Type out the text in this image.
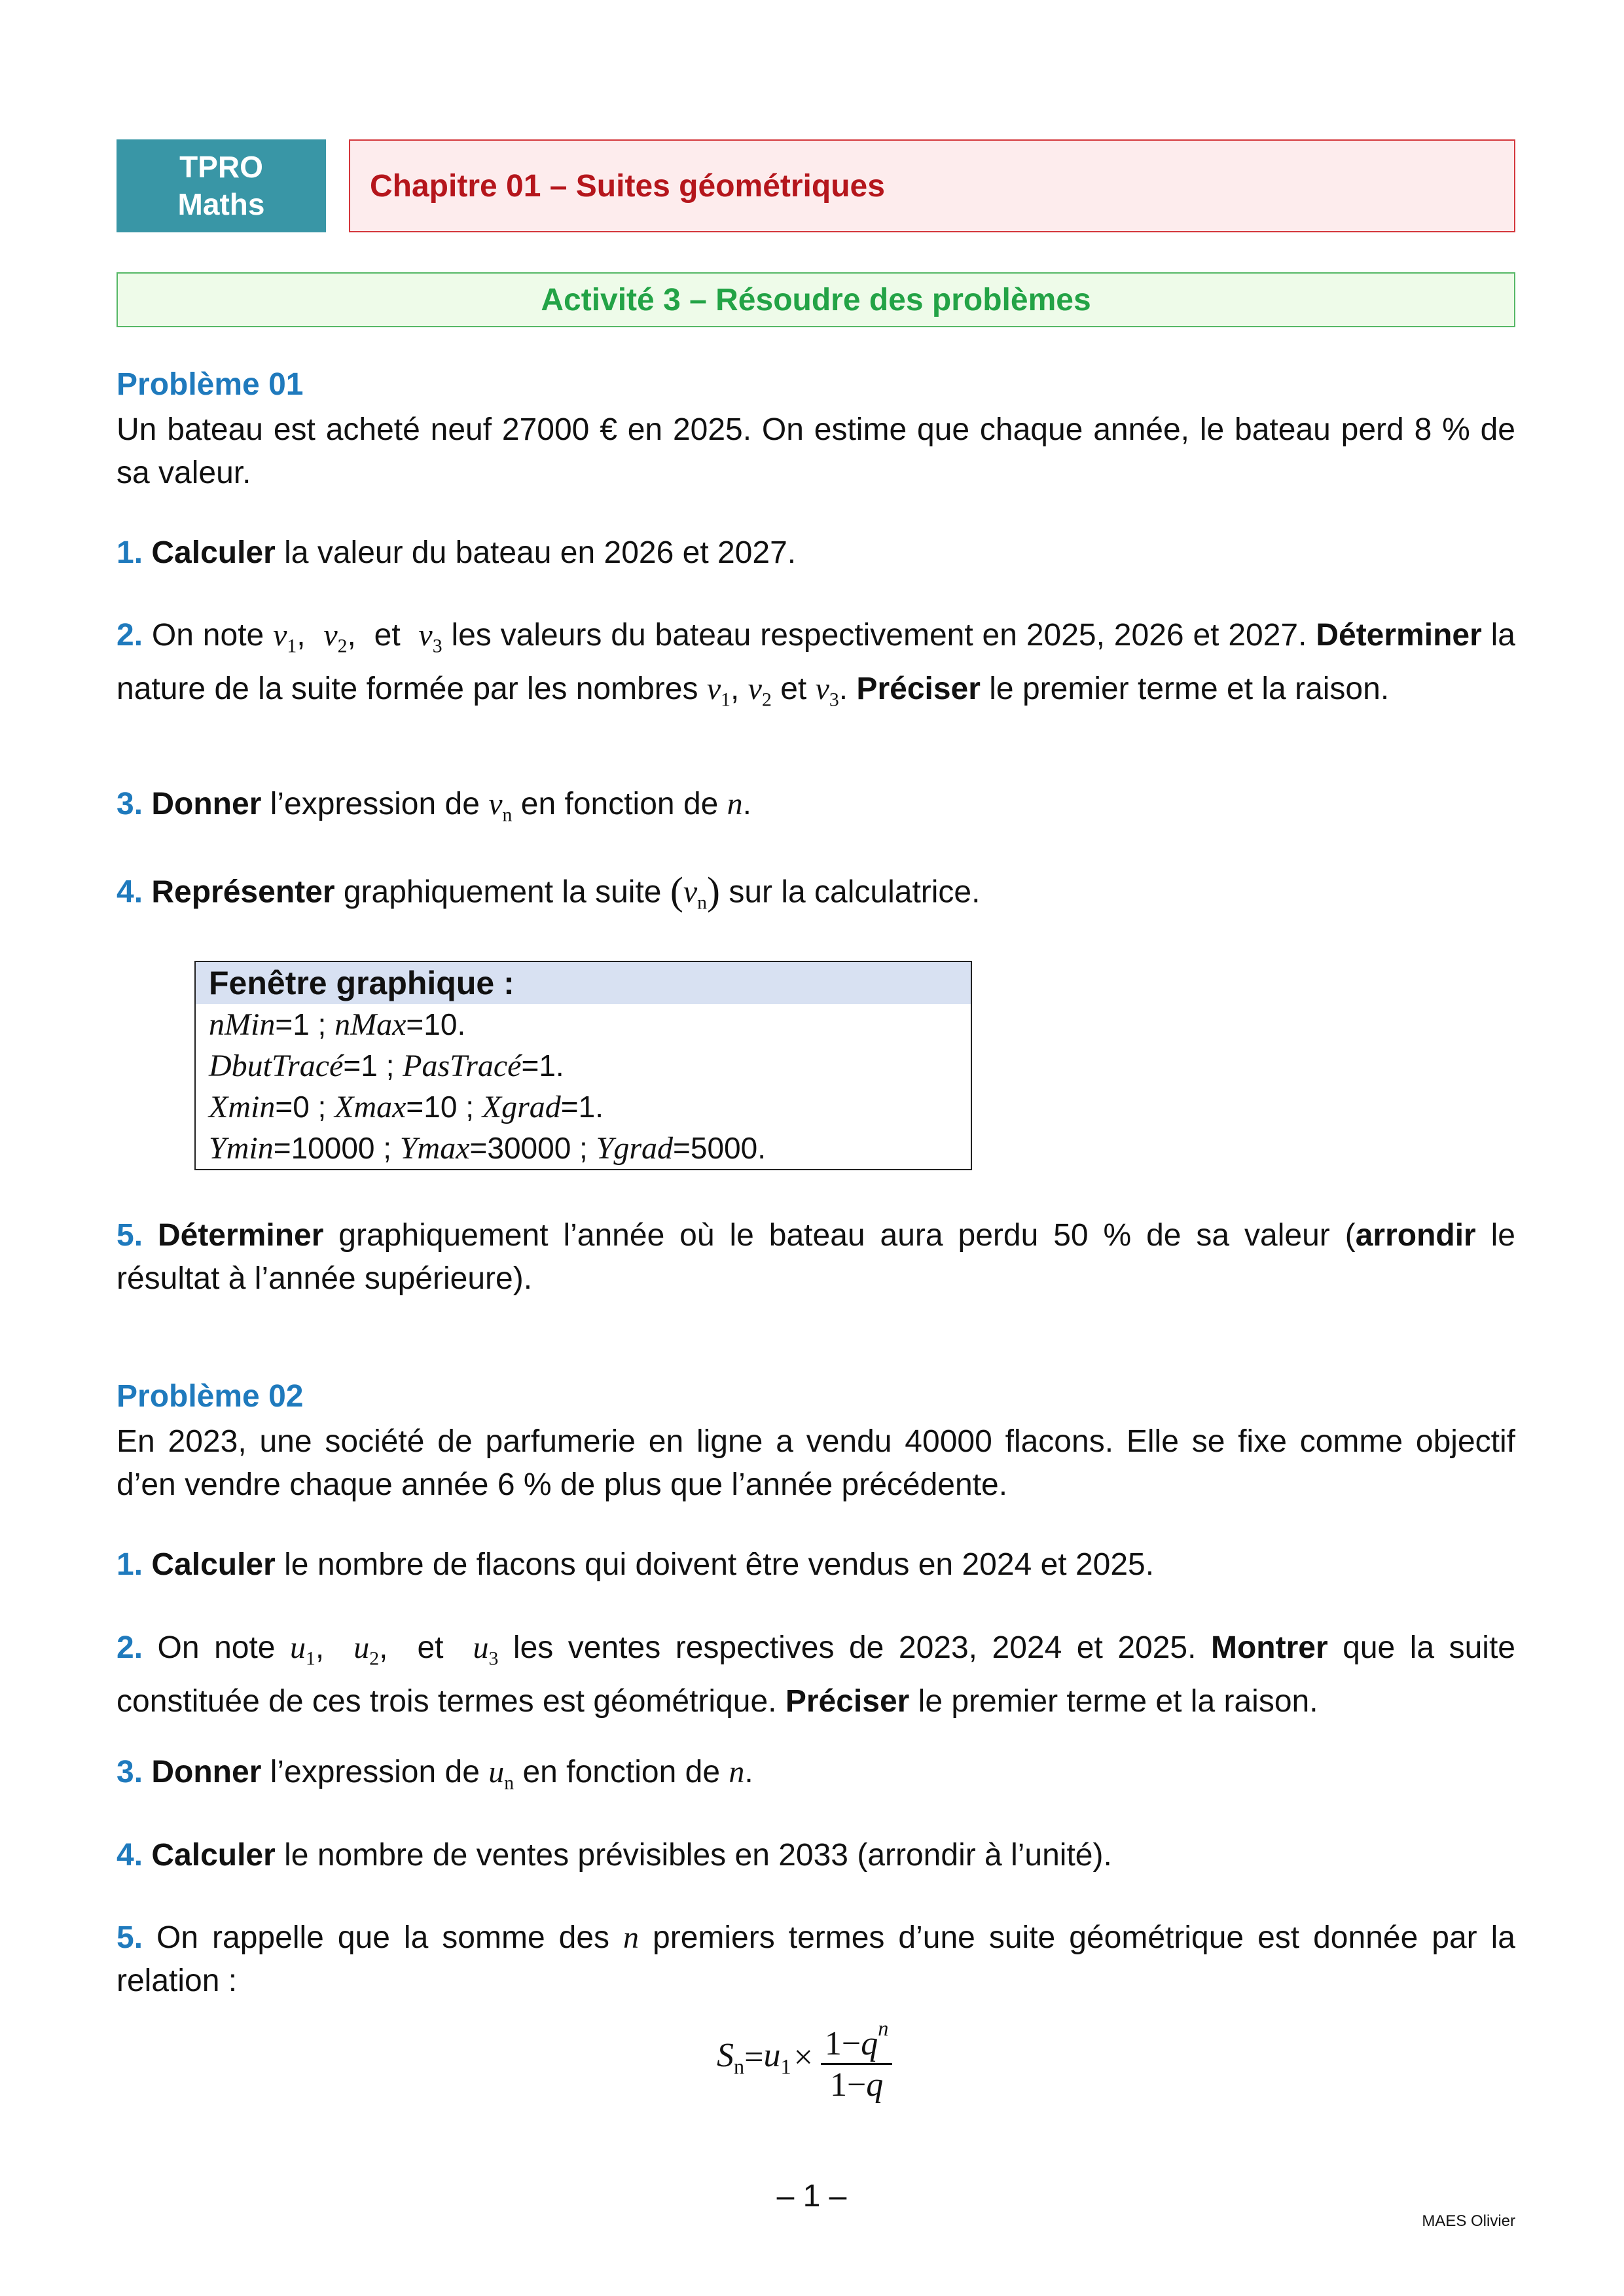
TPRO
Maths
Chapitre 01 – Suites géométriques
Activité 3 – Résoudre des problèmes
Problème 01
Un bateau est acheté neuf 27000 € en 2025. On estime que chaque année, le bateau perd 8 % de sa valeur.
1. Calculer la valeur du bateau en 2026 et 2027.
2. On note $v_1$,  $v_2$,  et  $v_3$ les valeurs du bateau respectivement en 2025, 2026 et 2027. Déterminer la nature de la suite formée par les nombres $v_1$, $v_2$ et $v_3$. Préciser le premier terme et la raison.
3. Donner l’expression de $v_n$ en fonction de n.
4. Représenter graphiquement la suite $(v_n)$ sur la calculatrice.
Fenêtre graphique :
nMin=1 ; nMax=10.
DbutTracé=1 ; PasTracé=1.
Xmin=0 ; Xmax=10 ; Xgrad=1.
Ymin=10000 ; Ymax=30000 ; Ygrad=5000.
5. Déterminer graphiquement l’année où le bateau aura perdu 50 % de sa valeur (arrondir le résultat à l’année supérieure).
Problème 02
En 2023, une société de parfumerie en ligne a vendu 40000 flacons. Elle se fixe comme objectif d’en vendre chaque année 6 % de plus que l’année précédente.
1. Calculer le nombre de flacons qui doivent être vendus en 2024 et 2025.
2. On note $u_1$,  $u_2$,  et  $u_3$ les ventes respectives de 2023, 2024 et 2025. Montrer que la suite constituée de ces trois termes est géométrique. Préciser le premier terme et la raison.
3. Donner l’expression de $u_n$ en fonction de n.
4. Calculer le nombre de ventes prévisibles en 2033 (arrondir à l’unité).
5. On rappelle que la somme des n premiers termes d’une suite géométrique est donnée par la relation :
$S_n = u_1 \times \frac{1-q^n}{1-q}$
– 1 –
MAES Olivier
